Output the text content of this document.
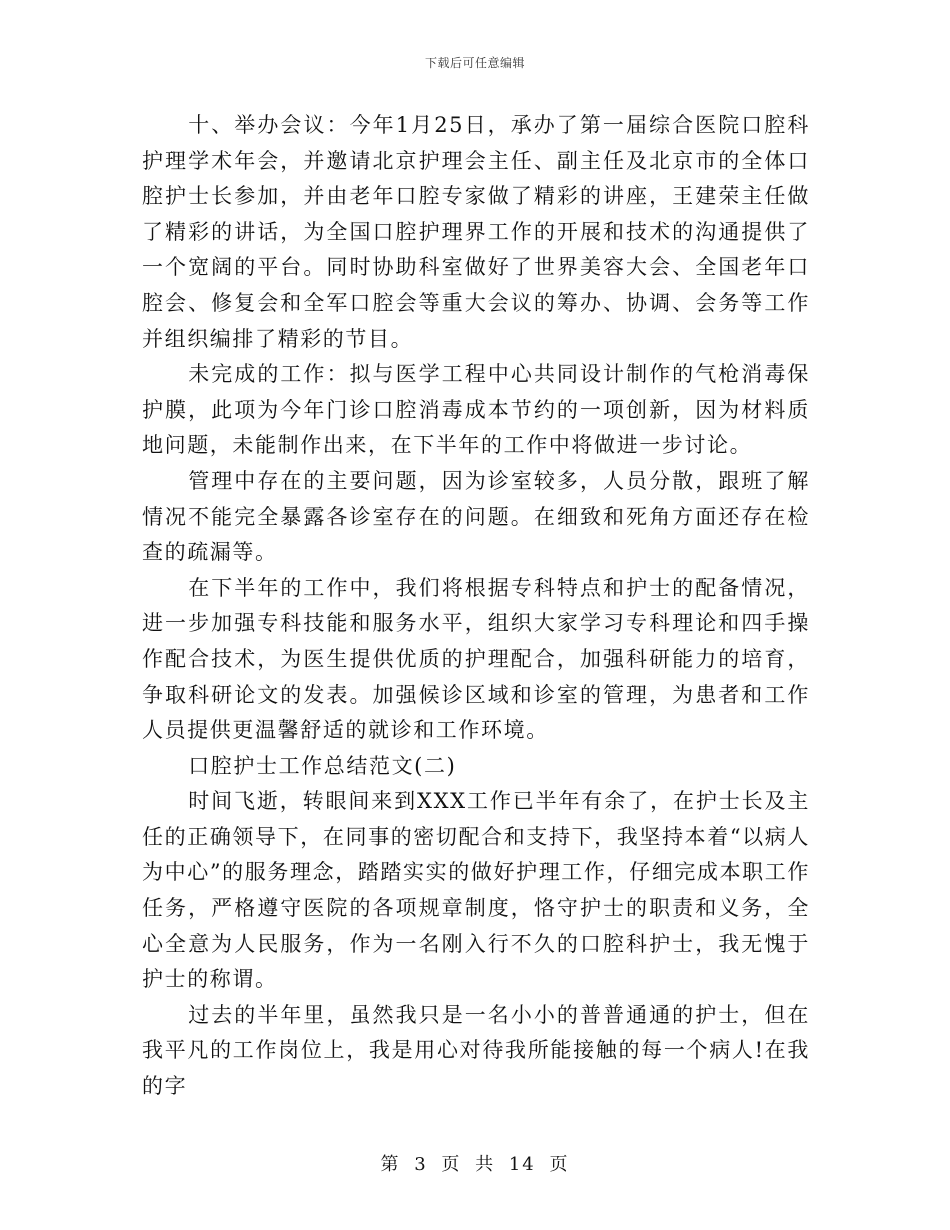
下载后可任意编辑

十、举办会议：今年1月25日，承办了第一届综合医院口腔科护理学术年会，并邀请北京护理会主任、副主任及北京市的全体口腔护士长参加，并由老年口腔专家做了精彩的讲座，王建荣主任做了精彩的讲话，为全国口腔护理界工作的开展和技术的沟通提供了一个宽阔的平台。同时协助科室做好了世界美容大会、全国老年口腔会、修复会和全军口腔会等重大会议的筹办、协调、会务等工作并组织编排了精彩的节目。

未完成的工作：拟与医学工程中心共同设计制作的气枪消毒保护膜，此项为今年门诊口腔消毒成本节约的一项创新，因为材料质地问题，未能制作出来，在下半年的工作中将做进一步讨论。

管理中存在的主要问题，因为诊室较多，人员分散，跟班了解情况不能完全暴露各诊室存在的问题。在细致和死角方面还存在检查的疏漏等。

在下半年的工作中，我们将根据专科特点和护士的配备情况，进一步加强专科技能和服务水平，组织大家学习专科理论和四手操作配合技术，为医生提供优质的护理配合，加强科研能力的培育，争取科研论文的发表。加强候诊区域和诊室的管理，为患者和工作人员提供更温馨舒适的就诊和工作环境。

口腔护士工作总结范文(二)

时间飞逝，转眼间来到XXX工作已半年有余了，在护士长及主任的正确领导下，在同事的密切配合和支持下，我坚持本着“以病人为中心”的服务理念，踏踏实实的做好护理工作，仔细完成本职工作任务，严格遵守医院的各项规章制度，恪守护士的职责和义务，全心全意为人民服务，作为一名刚入行不久的口腔科护士，我无愧于护士的称谓。

过去的半年里，虽然我只是一名小小的普普通通的护士，但在我平凡的工作岗位上，我是用心对待我所能接触的每一个病人!在我的字

第 3 页 共 14 页
